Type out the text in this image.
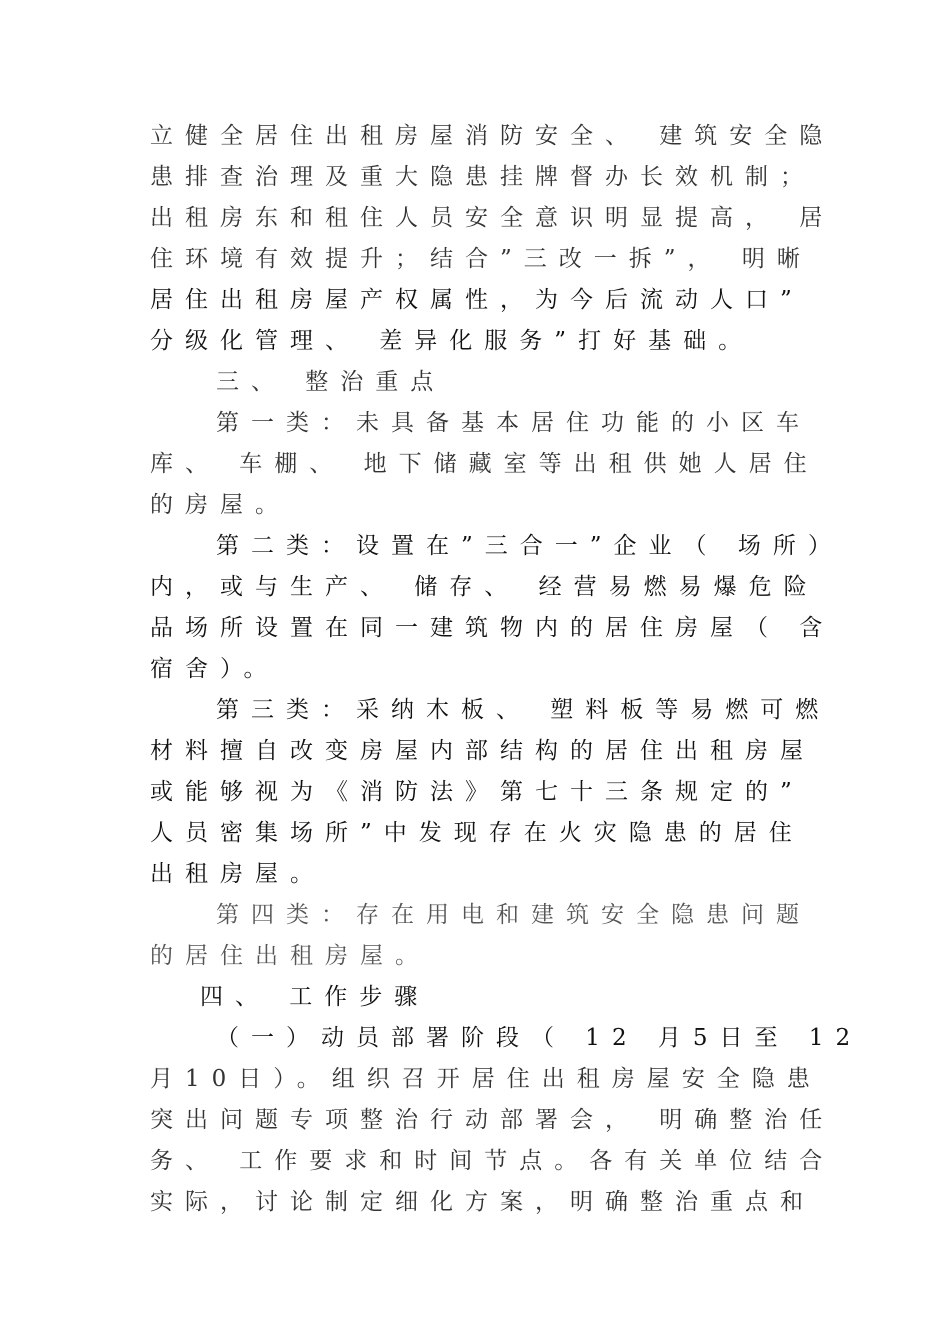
立健全居住出租房屋消防安全、 建筑安全隐
患排查治理及重大隐患挂牌督办长效机制；
出租房东和租住人员安全意识明显提高， 居
住环境有效提升；结合”三改一拆”， 明晰
居住出租房屋产权属性，为今后流动人口”
分级化管理、 差异化服务”打好基础。
三、 整治重点
第一类：未具备基本居住功能的小区车
库、 车棚、 地下储藏室等出租供她人居住
的房屋。
第二类：设置在”三合一”企业（ 场所）
内，或与生产、 储存、 经营易燃易爆危险
品场所设置在同一建筑物内的居住房屋（ 含
宿舍）。
第三类：采纳木板、 塑料板等易燃可燃
材料擅自改变房屋内部结构的居住出租房屋
或能够视为《消防法》第七十三条规定的”
人员密集场所”中发现存在火灾隐患的居住
出租房屋。
第四类：存在用电和建筑安全隐患问题
的居住出租房屋。
四、 工作步骤
（一）动员部署阶段（ 12 月5日至 12
月10日）。组织召开居住出租房屋安全隐患
突出问题专项整治行动部署会， 明确整治任
务、 工作要求和时间节点。各有关单位结合
实际，讨论制定细化方案，明确整治重点和
